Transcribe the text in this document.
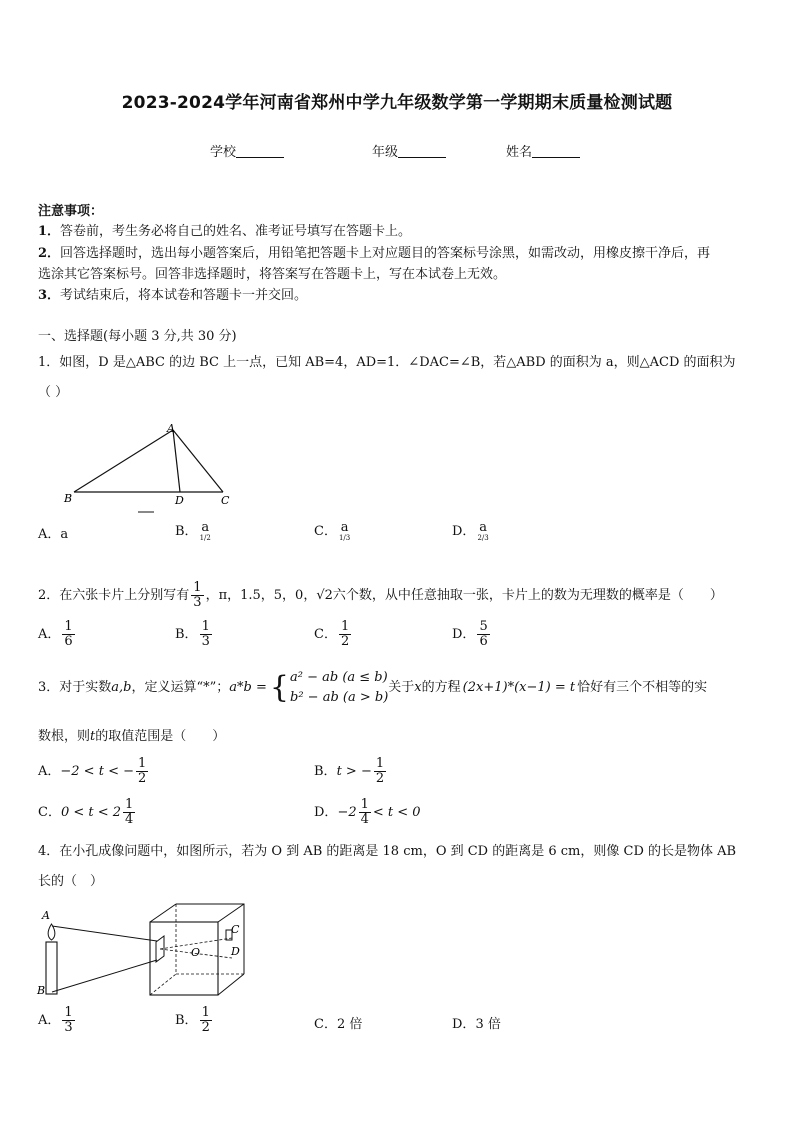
2023-2024学年河南省郑州中学九年级数学第一学期期末质量检测试题
学校	年级	姓名
注意事项：
1．答卷前，考生务必将自己的姓名、准考证号填写在答题卡上。
2．回答选择题时，选出每小题答案后，用铅笔把答题卡上对应题目的答案标号涂黑，如需改动，用橡皮擦干净后，再
选涂其它答案标号。回答非选择题时，将答案写在答题卡上，写在本试卷上无效。
3．考试结束后，将本试卷和答题卡一并交回。
一、选择题(每小题 3 分,共 30 分)
1．如图，D 是△ABC 的边 BC 上一点，已知 AB=4，AD=1．∠DAC=∠B，若△ABD 的面积为 a，则△ACD 的面积为
（ ）
A
B	D	C
A．a	B． a
1/2	C． a
1/3	D． a
2/3
2．在六张卡片上分别写有 $\frac{1}{3}$ ，π，1.5，5，0，√2六个数，从中任意抽取一张，卡片上的数为无理数的概率是（　　）
A． $\frac{1}{6}$	B． $\frac{1}{3}$	C． $\frac{1}{2}$	D． $\frac{5}{6}$
3．对于实数 a,b ，定义运算“*”； a*b = { a² − ab (a ≤ b)
b² − ab (a > b)
关于 x 的方程 (2x+1)*(x−1) = t 恰好有三个不相等的实
数根，则t的取值范围是（　　）
A．−2 < t < − $\frac{1}{2}$	B．t > − $\frac{1}{2}$
C．$0 < t < 2 \frac{1}{4}$	D．$-2 \frac{1}{4} < t < 0$
4．在小孔成像问题中，如图所示，若为 O 到 AB 的距离是 18 cm，O 到 CD 的距离是 6 cm，则像 CD 的长是物体 AB
长的（　）
A
B
C
D
O
A． $\frac{1}{3}$	B． $\frac{1}{2}$	C．2 倍	D．3 倍
